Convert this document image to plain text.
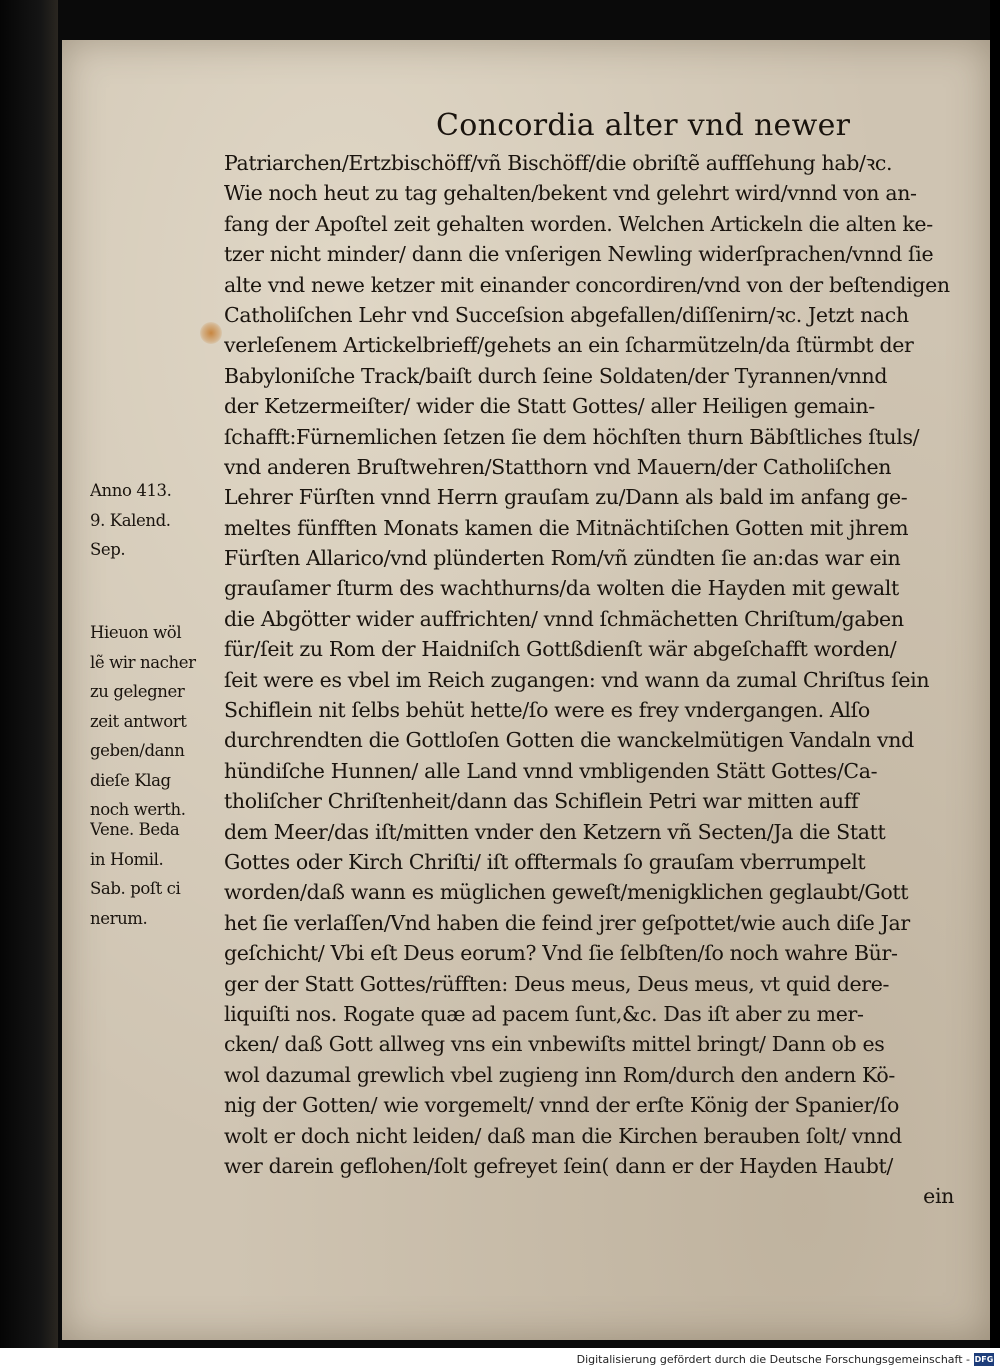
Concordia alter vnd newer
Patriarchen/Ertzbischöff/vñ Bischöff/die obriſtẽ auffſehung hab/ꝛc.
Wie noch heut zu tag gehalten/bekent vnd gelehrt wird/vnnd von an-
fang der Apoſtel zeit gehalten worden. Welchen Artickeln die alten ke-
tzer nicht minder/ dann die vnſerigen Newling widerſprachen/vnnd ſie
alte vnd newe ketzer mit einander concordiren/vnd von der beſtendigen
Catholiſchen Lehr vnd Succeſsion abgefallen/diſſenirn/ꝛc. Jetzt nach
verleſenem Artickelbrieff/gehets an ein ſcharmützeln/da ſtürmbt der
Babyloniſche Track/baiſt durch ſeine Soldaten/der Tyrannen/vnnd
der Ketzermeiſter/ wider die Statt Gottes/ aller Heiligen gemain-
ſchafft:Fürnemlichen ſetzen ſie dem höchſten thurn Bäbſtliches ſtuls/
vnd anderen Bruſtwehren/Statthorn vnd Mauern/der Catholiſchen
Lehrer Fürſten vnnd Herrn grauſam zu/Dann als bald im anfang ge-
meltes fünfften Monats kamen die Mitnächtiſchen Gotten mit jhrem
Fürſten Allarico/vnd plünderten Rom/vñ zündten ſie an:das war ein
grauſamer ſturm des wachthurns/da wolten die Hayden mit gewalt
die Abgötter wider auffrichten/ vnnd ſchmächetten Chriſtum/gaben
für/ſeit zu Rom der Haidniſch Gottßdienſt wär abgeſchafft worden/
ſeit were es vbel im Reich zugangen: vnd wann da zumal Chriſtus ſein
Schiflein nit ſelbs behüt hette/ſo were es frey vndergangen. Alſo
durchrendten die Gottloſen Gotten die wanckelmütigen Vandaln vnd
hündiſche Hunnen/ alle Land vnnd vmbligenden Stätt Gottes/Ca-
tholiſcher Chriſtenheit/dann das Schiflein Petri war mitten auff
dem Meer/das iſt/mitten vnder den Ketzern vñ Secten/Ja die Statt
Gottes oder Kirch Chriſti/ iſt offtermals ſo grauſam vberrumpelt
worden/daß wann es müglichen geweſt/menigklichen geglaubt/Gott
het ſie verlaſſen/Vnd haben die feind jrer geſpottet/wie auch diſe Jar
geſchicht/ Vbi eſt Deus eorum? Vnd ſie ſelbſten/ſo noch wahre Bür-
ger der Statt Gottes/rüfften: Deus meus, Deus meus, vt quid dere-
liquiſti nos. Rogate quæ ad pacem ſunt,&c. Das iſt aber zu mer-
cken/ daß Gott allweg vns ein vnbewiſts mittel bringt/ Dann ob es
wol dazumal grewlich vbel zugieng inn Rom/durch den andern Kö-
nig der Gotten/ wie vorgemelt/ vnnd der erſte König der Spanier/ſo
wolt er doch nicht leiden/ daß man die Kirchen berauben ſolt/ vnnd
wer darein geflohen/ſolt gefreyet ſein( dann er der Hayden Haubt/
ein
Anno 413.
9. Kalend.
Sep.
Hieuon wöl
lẽ wir nacher
zu gelegner
zeit antwort
geben/dann
dieſe Klag
noch werth.
Vene. Beda
in Homil.
Sab. poſt ci
nerum.
Digitalisierung gefördert durch die Deutsche Forschungsgemeinschaft - DFG
